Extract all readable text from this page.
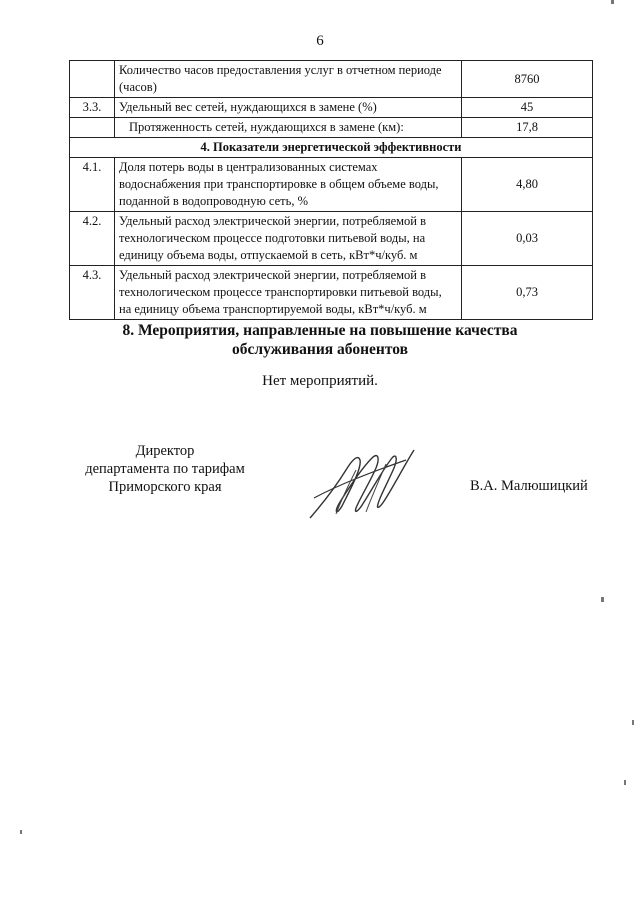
6
	Количество часов предоставления услуг в отчетном периоде (часов)	8760
3.3.	Удельный вес сетей, нуждающихся в замене (%)	45
	Протяженность сетей, нуждающихся в замене (км):	17,8
4. Показатели энергетической эффективности		
4.1.	Доля потерь воды в централизованных системах водоснабжения при транспортировке в общем объеме воды, поданной в водопроводную сеть, %	4,80
4.2.	Удельный расход электрической энергии, потребляемой в технологическом процессе подготовки питьевой воды, на единицу объема воды, отпускаемой в сеть, кВт*ч/куб. м	0,03
4.3.	Удельный расход электрической энергии, потребляемой в технологическом процессе транспортировки питьевой воды, на единицу объема транспортируемой воды, кВт*ч/куб. м	0,73
8. Мероприятия, направленные на повышение качества
обслуживания абонентов
Нет мероприятий.
Директор
департамента по тарифам
Приморского края	В.А. Малюшицкий
